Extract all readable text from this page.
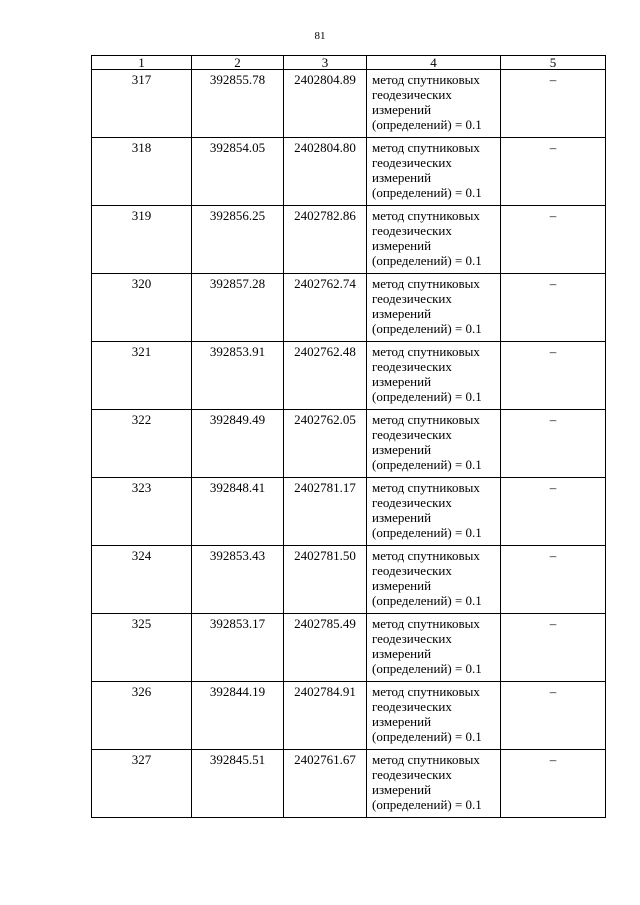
81
1	2	3	4	5
317	392855.78	2402804.89	метод спутниковых
геодезических
измерений
(определений) = 0.1	–
318	392854.05	2402804.80	метод спутниковых
геодезических
измерений
(определений) = 0.1	–
319	392856.25	2402782.86	метод спутниковых
геодезических
измерений
(определений) = 0.1	–
320	392857.28	2402762.74	метод спутниковых
геодезических
измерений
(определений) = 0.1	–
321	392853.91	2402762.48	метод спутниковых
геодезических
измерений
(определений) = 0.1	–
322	392849.49	2402762.05	метод спутниковых
геодезических
измерений
(определений) = 0.1	–
323	392848.41	2402781.17	метод спутниковых
геодезических
измерений
(определений) = 0.1	–
324	392853.43	2402781.50	метод спутниковых
геодезических
измерений
(определений) = 0.1	–
325	392853.17	2402785.49	метод спутниковых
геодезических
измерений
(определений) = 0.1	–
326	392844.19	2402784.91	метод спутниковых
геодезических
измерений
(определений) = 0.1	–
327	392845.51	2402761.67	метод спутниковых
геодезических
измерений
(определений) = 0.1	–
